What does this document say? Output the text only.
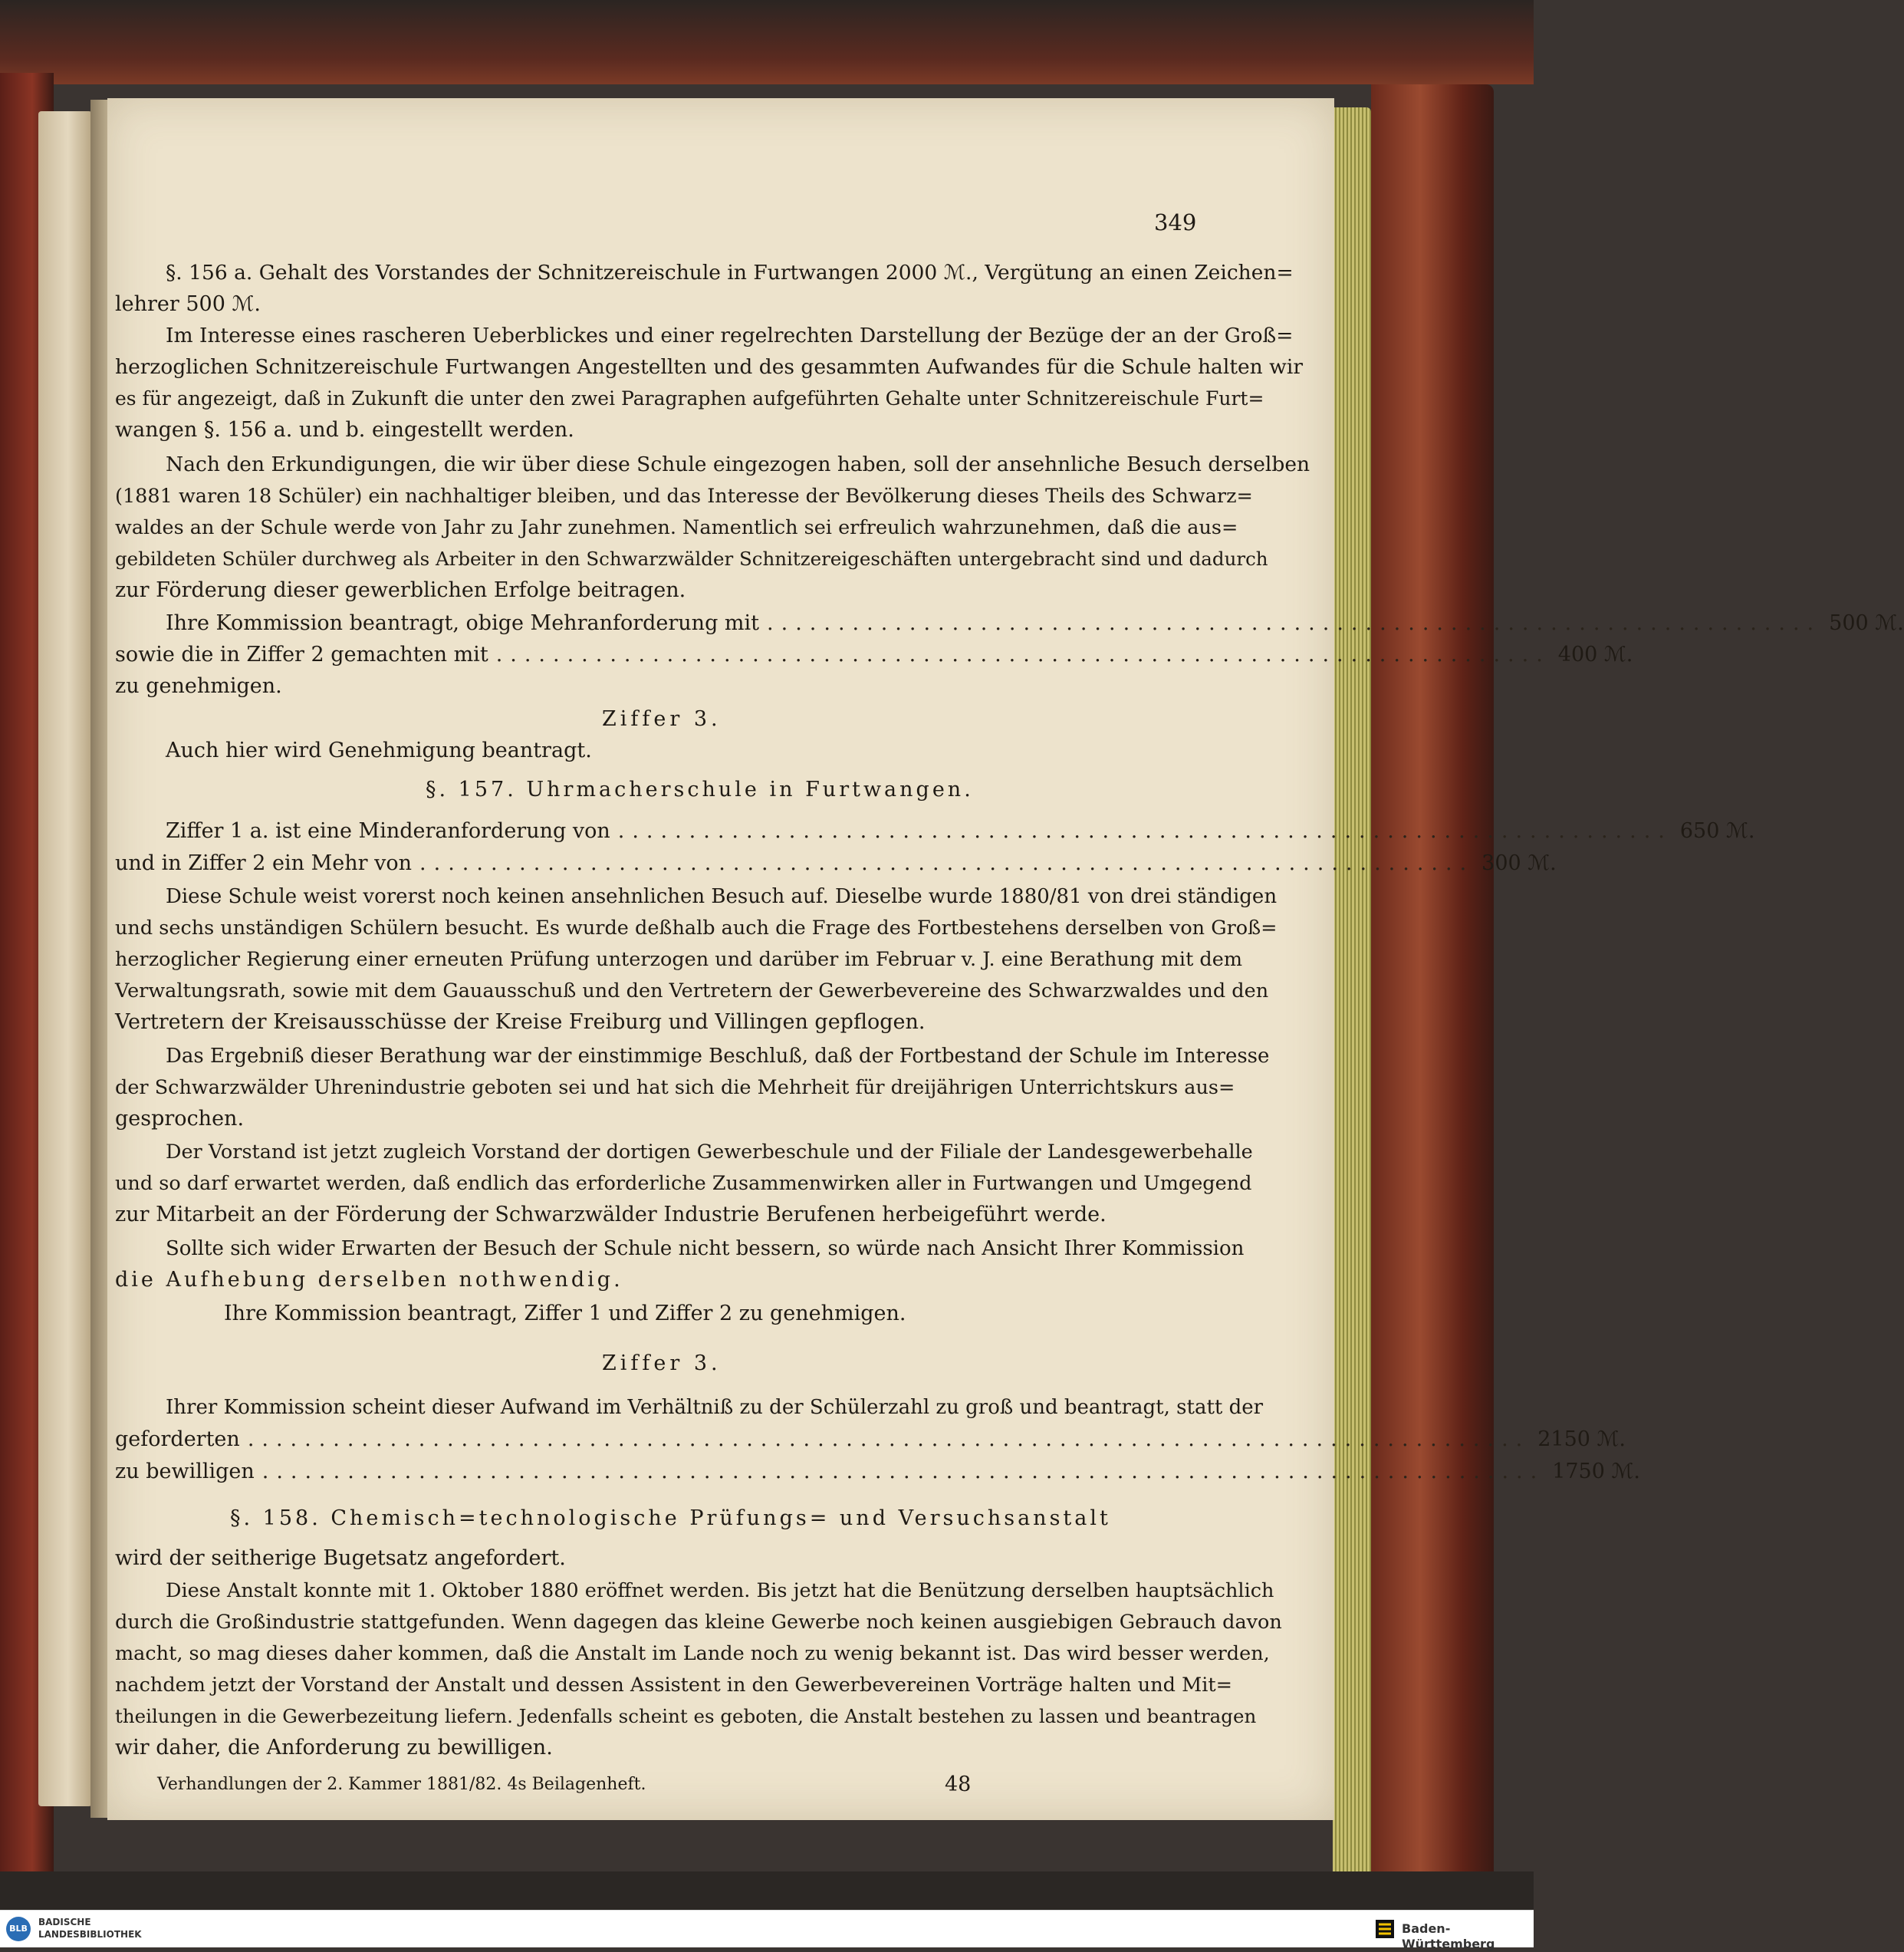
349
§. 156 a. Gehalt des Vorstandes der Schnitzereischule in Furtwangen 2000 ℳ., Vergütung an einen Zeichen=
lehrer 500 ℳ.
Im Interesse eines rascheren Ueberblickes und einer regelrechten Darstellung der Bezüge der an der Groß=
herzoglichen Schnitzereischule Furtwangen Angestellten und des gesammten Aufwandes für die Schule halten wir
es für angezeigt, daß in Zukunft die unter den zwei Paragraphen aufgeführten Gehalte unter Schnitzereischule Furt=
wangen §. 156 a. und b. eingestellt werden.
Nach den Erkundigungen, die wir über diese Schule eingezogen haben, soll der ansehnliche Besuch derselben
(1881 waren 18 Schüler) ein nachhaltiger bleiben, und das Interesse der Bevölkerung dieses Theils des Schwarz=
waldes an der Schule werde von Jahr zu Jahr zunehmen. Namentlich sei erfreulich wahrzunehmen, daß die aus=
gebildeten Schüler durchweg als Arbeiter in den Schwarzwälder Schnitzereigeschäften untergebracht sind und dadurch
zur Förderung dieser gewerblichen Erfolge beitragen.
Ihre Kommission beantragt, obige Mehranforderung mit .......................................................................... 500 ℳ.
sowie die in Ziffer 2 gemachten mit .......................................................................... 400 ℳ.
zu genehmigen.
Ziffer 3.
Auch hier wird Genehmigung beantragt.
§. 157. Uhrmacherschule in Furtwangen.
Ziffer 1 a. ist eine Minderanforderung von .......................................................................... 650 ℳ.
und in Ziffer 2 ein Mehr von .......................................................................... 300 ℳ.
Diese Schule weist vorerst noch keinen ansehnlichen Besuch auf. Dieselbe wurde 1880/81 von drei ständigen
und sechs unständigen Schülern besucht. Es wurde deßhalb auch die Frage des Fortbestehens derselben von Groß=
herzoglicher Regierung einer erneuten Prüfung unterzogen und darüber im Februar v. J. eine Berathung mit dem
Verwaltungsrath, sowie mit dem Gauausschuß und den Vertretern der Gewerbevereine des Schwarzwaldes und den
Vertretern der Kreisausschüsse der Kreise Freiburg und Villingen gepflogen.
Das Ergebniß dieser Berathung war der einstimmige Beschluß, daß der Fortbestand der Schule im Interesse
der Schwarzwälder Uhrenindustrie geboten sei und hat sich die Mehrheit für dreijährigen Unterrichtskurs aus=
gesprochen.
Der Vorstand ist jetzt zugleich Vorstand der dortigen Gewerbeschule und der Filiale der Landesgewerbehalle
und so darf erwartet werden, daß endlich das erforderliche Zusammenwirken aller in Furtwangen und Umgegend
zur Mitarbeit an der Förderung der Schwarzwälder Industrie Berufenen herbeigeführt werde.
Sollte sich wider Erwarten der Besuch der Schule nicht bessern, so würde nach Ansicht Ihrer Kommission
die Aufhebung derselben nothwendig.
Ihre Kommission beantragt, Ziffer 1 und Ziffer 2 zu genehmigen.
Ziffer 3.
Ihrer Kommission scheint dieser Aufwand im Verhältniß zu der Schülerzahl zu groß und beantragt, statt der
geforderten .......................................................................................... 2150 ℳ.
zu bewilligen .......................................................................................... 1750 ℳ.
§. 158. Chemisch=technologische Prüfungs= und Versuchsanstalt
wird der seitherige Bugetsatz angefordert.
Diese Anstalt konnte mit 1. Oktober 1880 eröffnet werden. Bis jetzt hat die Benützung derselben hauptsächlich
durch die Großindustrie stattgefunden. Wenn dagegen das kleine Gewerbe noch keinen ausgiebigen Gebrauch davon
macht, so mag dieses daher kommen, daß die Anstalt im Lande noch zu wenig bekannt ist. Das wird besser werden,
nachdem jetzt der Vorstand der Anstalt und dessen Assistent in den Gewerbevereinen Vorträge halten und Mit=
theilungen in die Gewerbezeitung liefern. Jedenfalls scheint es geboten, die Anstalt bestehen zu lassen und beantragen
wir daher, die Anforderung zu bewilligen.
Verhandlungen der 2. Kammer 1881/82. 4s Beilagenheft.	48
BLB
BADISCHE
LANDESBIBLIOTHEK	Baden-Württemberg
